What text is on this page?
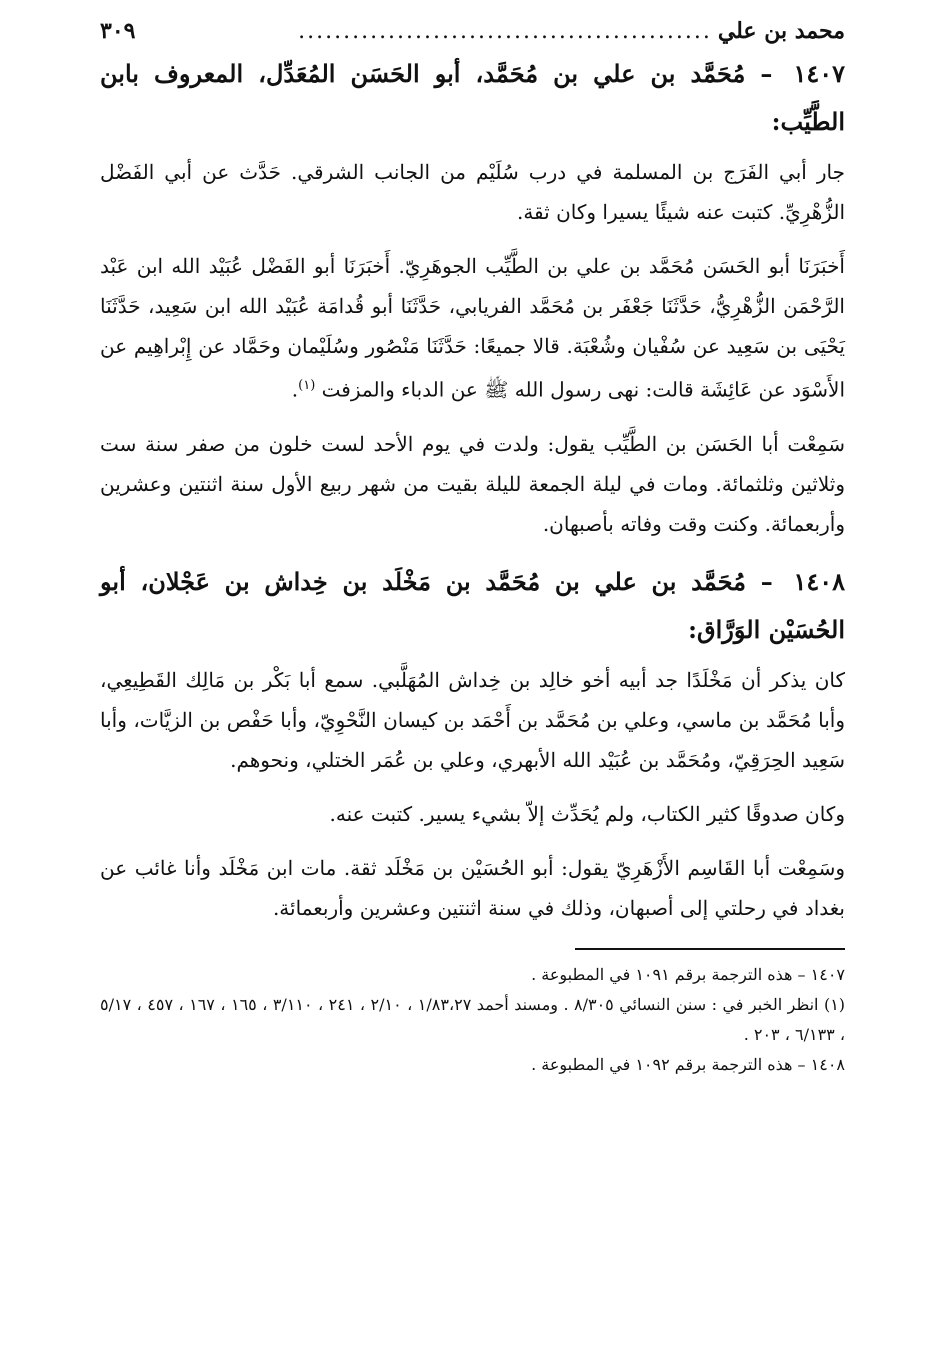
محمد بن علي
..............................................
٣٠٩
١٤٠٧ – مُحَمَّد بن علي بن مُحَمَّد، أبو الحَسَن المُعَدِّل، المعروف بابن الطَّيِّب:

جار أبي الفَرَج بن المسلمة في درب سُلَيْم من الجانب الشرقي. حَدَّث عن أبي الفَضْل الزُّهْرِيِّ. كتبت عنه شيئًا يسيرا وكان ثقة.

أَخبَرَنَا أبو الحَسَن مُحَمَّد بن علي بن الطَّيِّب الجوهَرِيّ. أَخبَرَنَا أبو الفَضْل عُبَيْد الله ابن عَبْد الرَّحْمَن الزُّهْرِيُّ، حَدَّثَنَا جَعْفَر بن مُحَمَّد الفريابي، حَدَّثَنَا أبو قُدامَة عُبَيْد الله ابن سَعِيد، حَدَّثَنَا يَحْيَى بن سَعِيد عن سُفْيان وشُعْبَة. قالا جميعًا: حَدَّثَنَا مَنْصُور وسُلَيْمان وحَمَّاد عن إِبْراهِيم عن الأَسْوَد عن عَائِشَة قالت: نهى رسول الله ﷺ عن الدباء والمزفت $^{(١)}$.

سَمِعْت أبا الحَسَن بن الطَّيِّب يقول: ولدت في يوم الأحد لست خلون من صفر سنة ست وثلاثين وثلثمائة. ومات في ليلة الجمعة لليلة بقيت من شهر ربيع الأول سنة اثنتين وعشرين وأربعمائة. وكنت وقت وفاته بأصبهان.

١٤٠٨ – مُحَمَّد بن علي بن مُحَمَّد بن مَخْلَد بن خِداش بن عَجْلان، أبو الحُسَيْن الوَرَّاق:

كان يذكر أن مَخْلَدًا جد أبيه أخو خالِد بن خِداش المُهَلَّبي. سمع أبا بَكْر بن مَالِك القَطِيعِي، وأبا مُحَمَّد بن ماسي، وعلي بن مُحَمَّد بن أَحْمَد بن كيسان النَّحْوِيّ، وأبا حَفْص بن الزيَّات، وأبا سَعِيد الحِرَقِيّ، ومُحَمَّد بن عُبَيْد الله الأبهري، وعلي بن عُمَر الختلي، ونحوهم.

وكان صدوقًا كثير الكتاب، ولم يُحَدِّث إلاّ بشيء يسير. كتبت عنه.

وسَمِعْت أبا القَاسِم الأَزْهَرِيّ يقول: أبو الحُسَيْن بن مَخْلَد ثقة. مات ابن مَخْلَد وأنا غائب عن بغداد في رحلتي إلى أصبهان، وذلك في سنة اثنتين وعشرين وأربعمائة.

١٤٠٧ – هذه الترجمة برقم ١٠٩١ في المطبوعة .
(١) انظر الخبر في : سنن النسائي ٨/٣٠٥ . ومسند أحمد ١/٨٣،٢٧ ، ٢/١٠ ، ٢٤١ ، ٣/١١٠ ، ١٦٥ ، ١٦٧ ، ٤٥٧ ، ٥/١٧ ، ٦/١٣٣ ، ٢٠٣ .
١٤٠٨ – هذه الترجمة برقم ١٠٩٢ في المطبوعة .
